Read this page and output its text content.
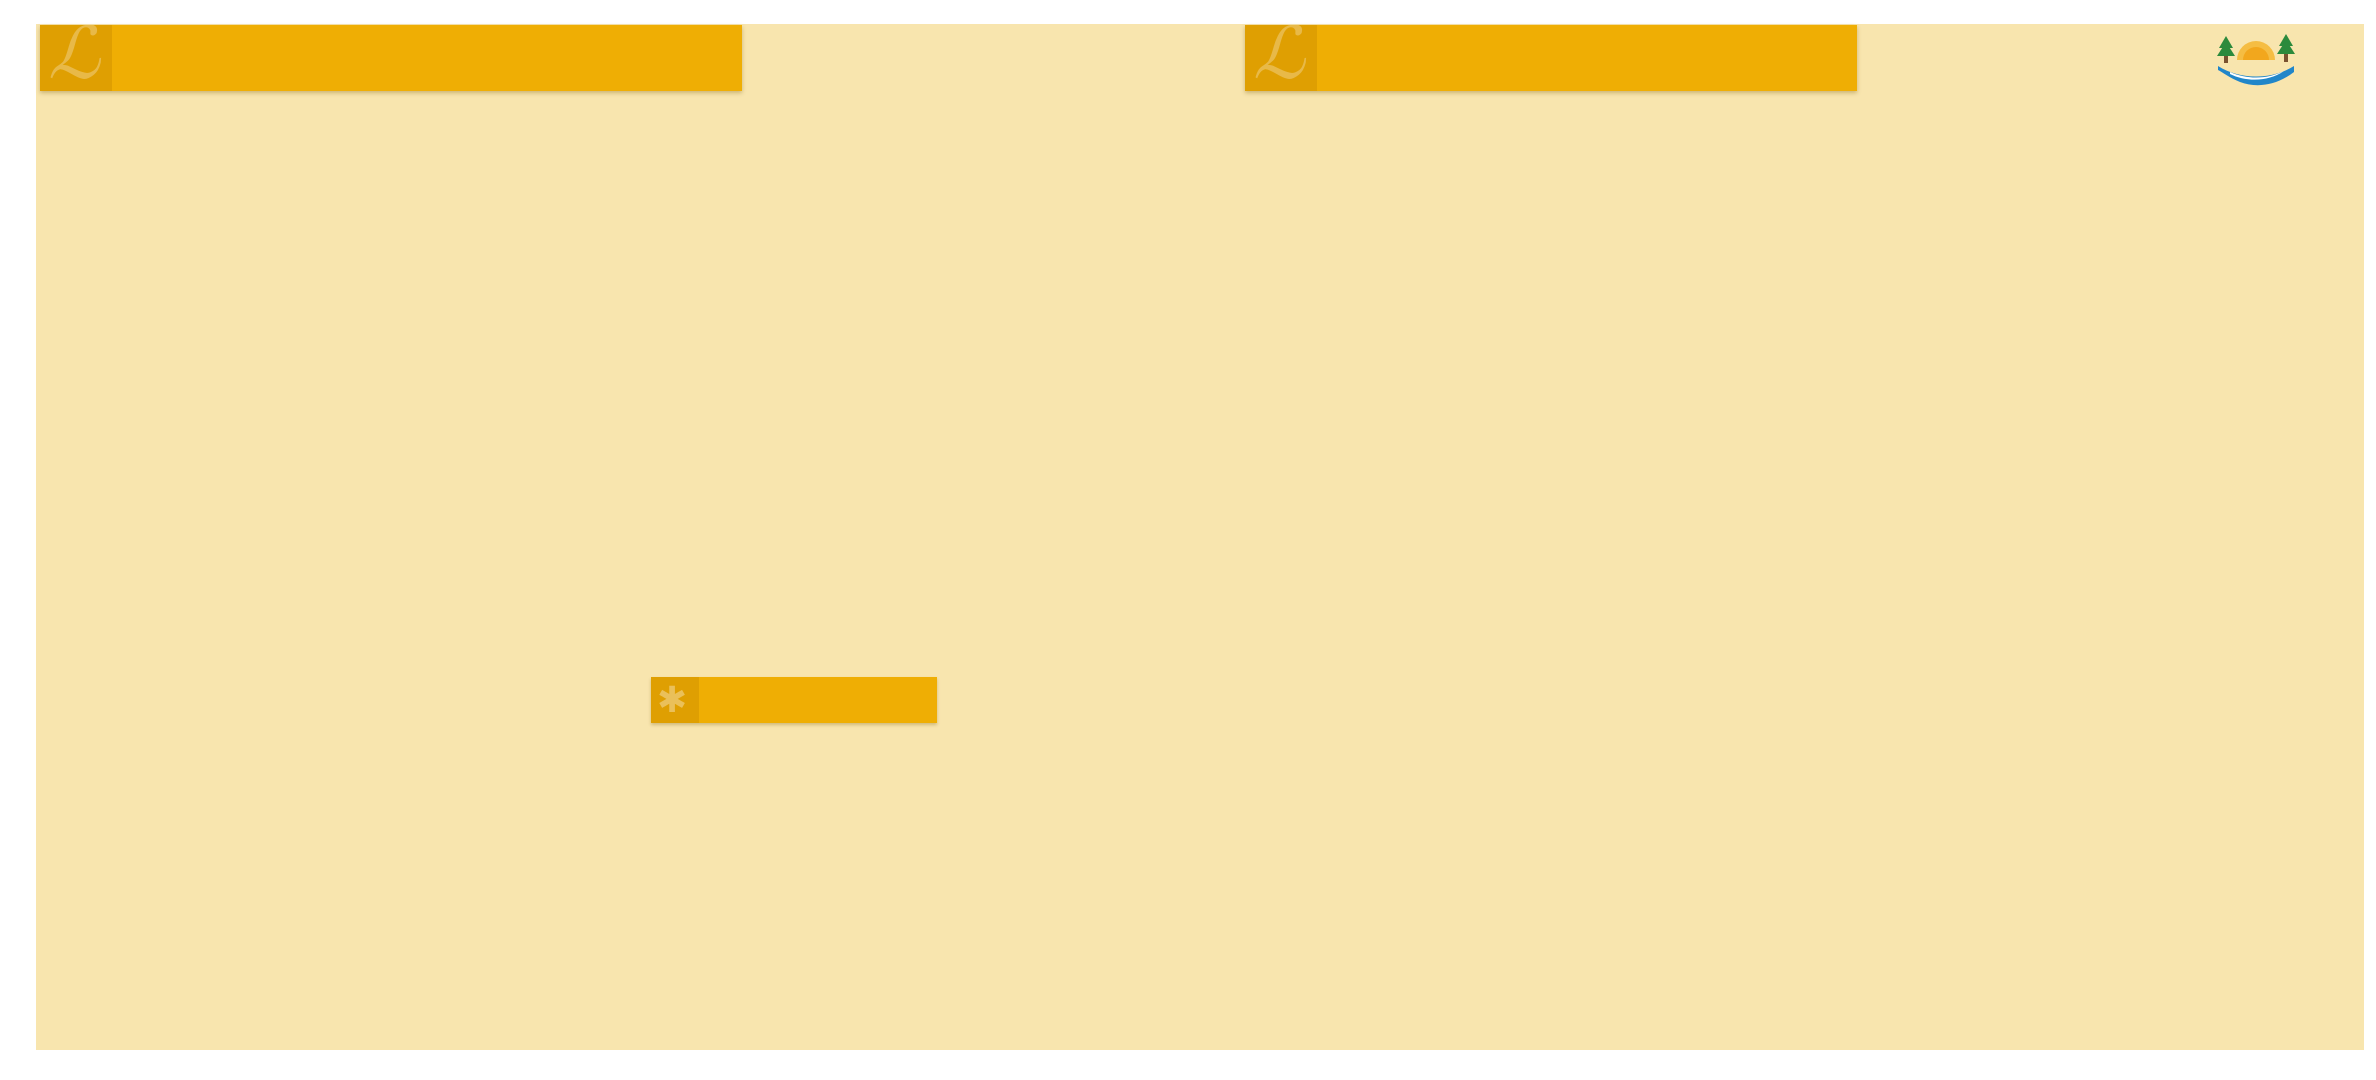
ℒ	ℒ
✱
